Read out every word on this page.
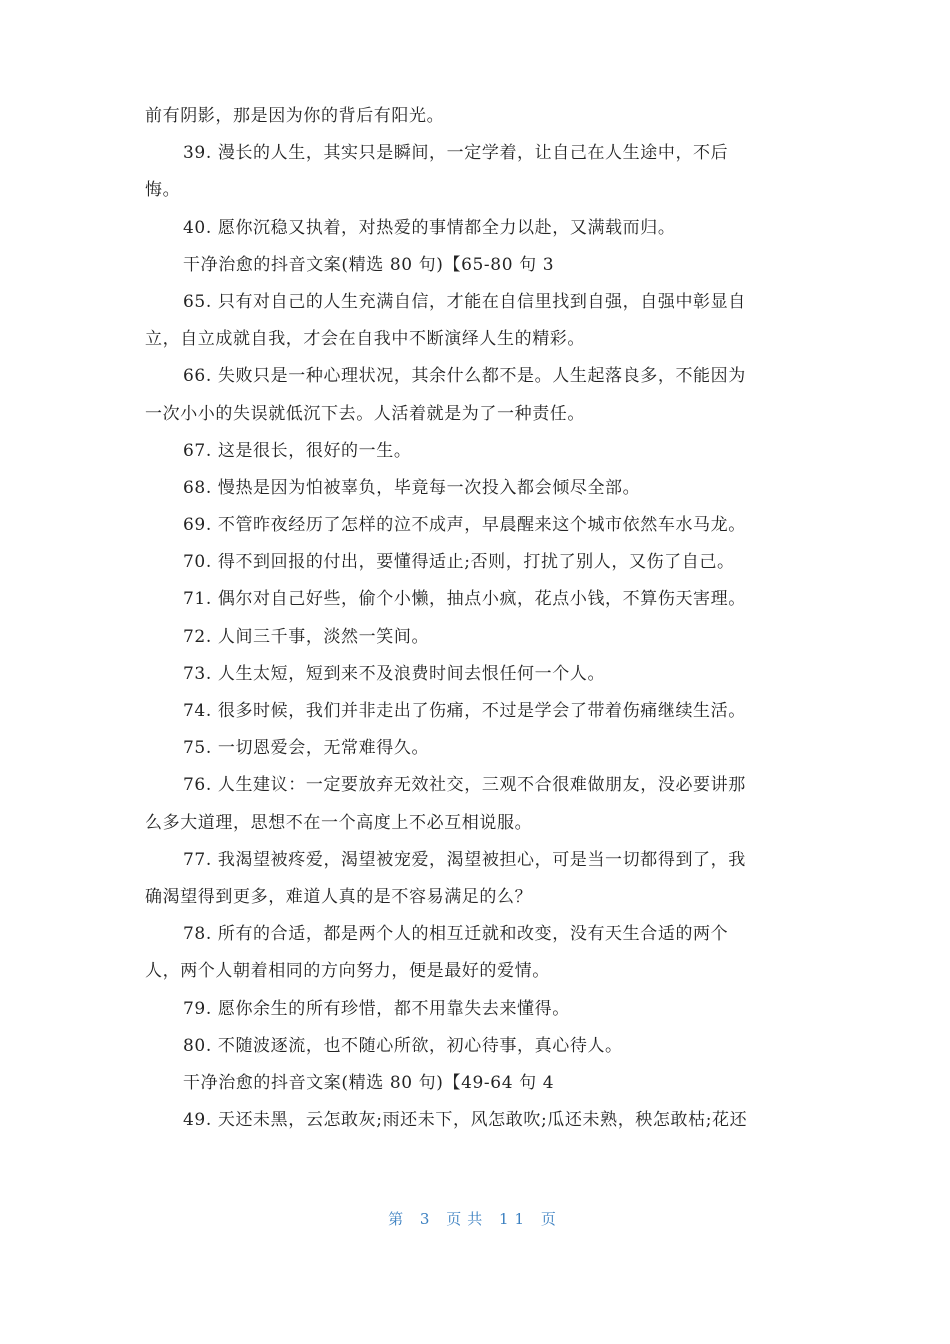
前有阴影，那是因为你的背后有阳光。
39. 漫长的人生，其实只是瞬间，一定学着，让自己在人生途中，不后
悔。
40. 愿你沉稳又执着，对热爱的事情都全力以赴，又满载而归。
干净治愈的抖音文案(精选 80 句)【65-80 句 3
65. 只有对自己的人生充满自信，才能在自信里找到自强，自强中彰显自
立，自立成就自我，才会在自我中不断演绎人生的精彩。
66. 失败只是一种心理状况，其余什么都不是。人生起落良多，不能因为
一次小小的失误就低沉下去。人活着就是为了一种责任。
67. 这是很长，很好的一生。
68. 慢热是因为怕被辜负，毕竟每一次投入都会倾尽全部。
69. 不管昨夜经历了怎样的泣不成声，早晨醒来这个城市依然车水马龙。
70. 得不到回报的付出，要懂得适止;否则，打扰了别人，又伤了自己。
71. 偶尔对自己好些，偷个小懒，抽点小疯，花点小钱，不算伤天害理。
72. 人间三千事，淡然一笑间。
73. 人生太短，短到来不及浪费时间去恨任何一个人。
74. 很多时候，我们并非走出了伤痛，不过是学会了带着伤痛继续生活。
75. 一切恩爱会，无常难得久。
76. 人生建议：一定要放弃无效社交，三观不合很难做朋友，没必要讲那
么多大道理，思想不在一个高度上不必互相说服。
77. 我渴望被疼爱，渴望被宠爱，渴望被担心，可是当一切都得到了，我
确渴望得到更多，难道人真的是不容易满足的么？
78. 所有的合适，都是两个人的相互迁就和改变，没有天生合适的两个
人，两个人朝着相同的方向努力，便是最好的爱情。
79. 愿你余生的所有珍惜，都不用靠失去来懂得。
80. 不随波逐流，也不随心所欲，初心待事，真心待人。
干净治愈的抖音文案(精选 80 句)【49-64 句 4
49. 天还未黑，云怎敢灰;雨还未下，风怎敢吹;瓜还未熟，秧怎敢枯;花还
第 3 页共 11 页
